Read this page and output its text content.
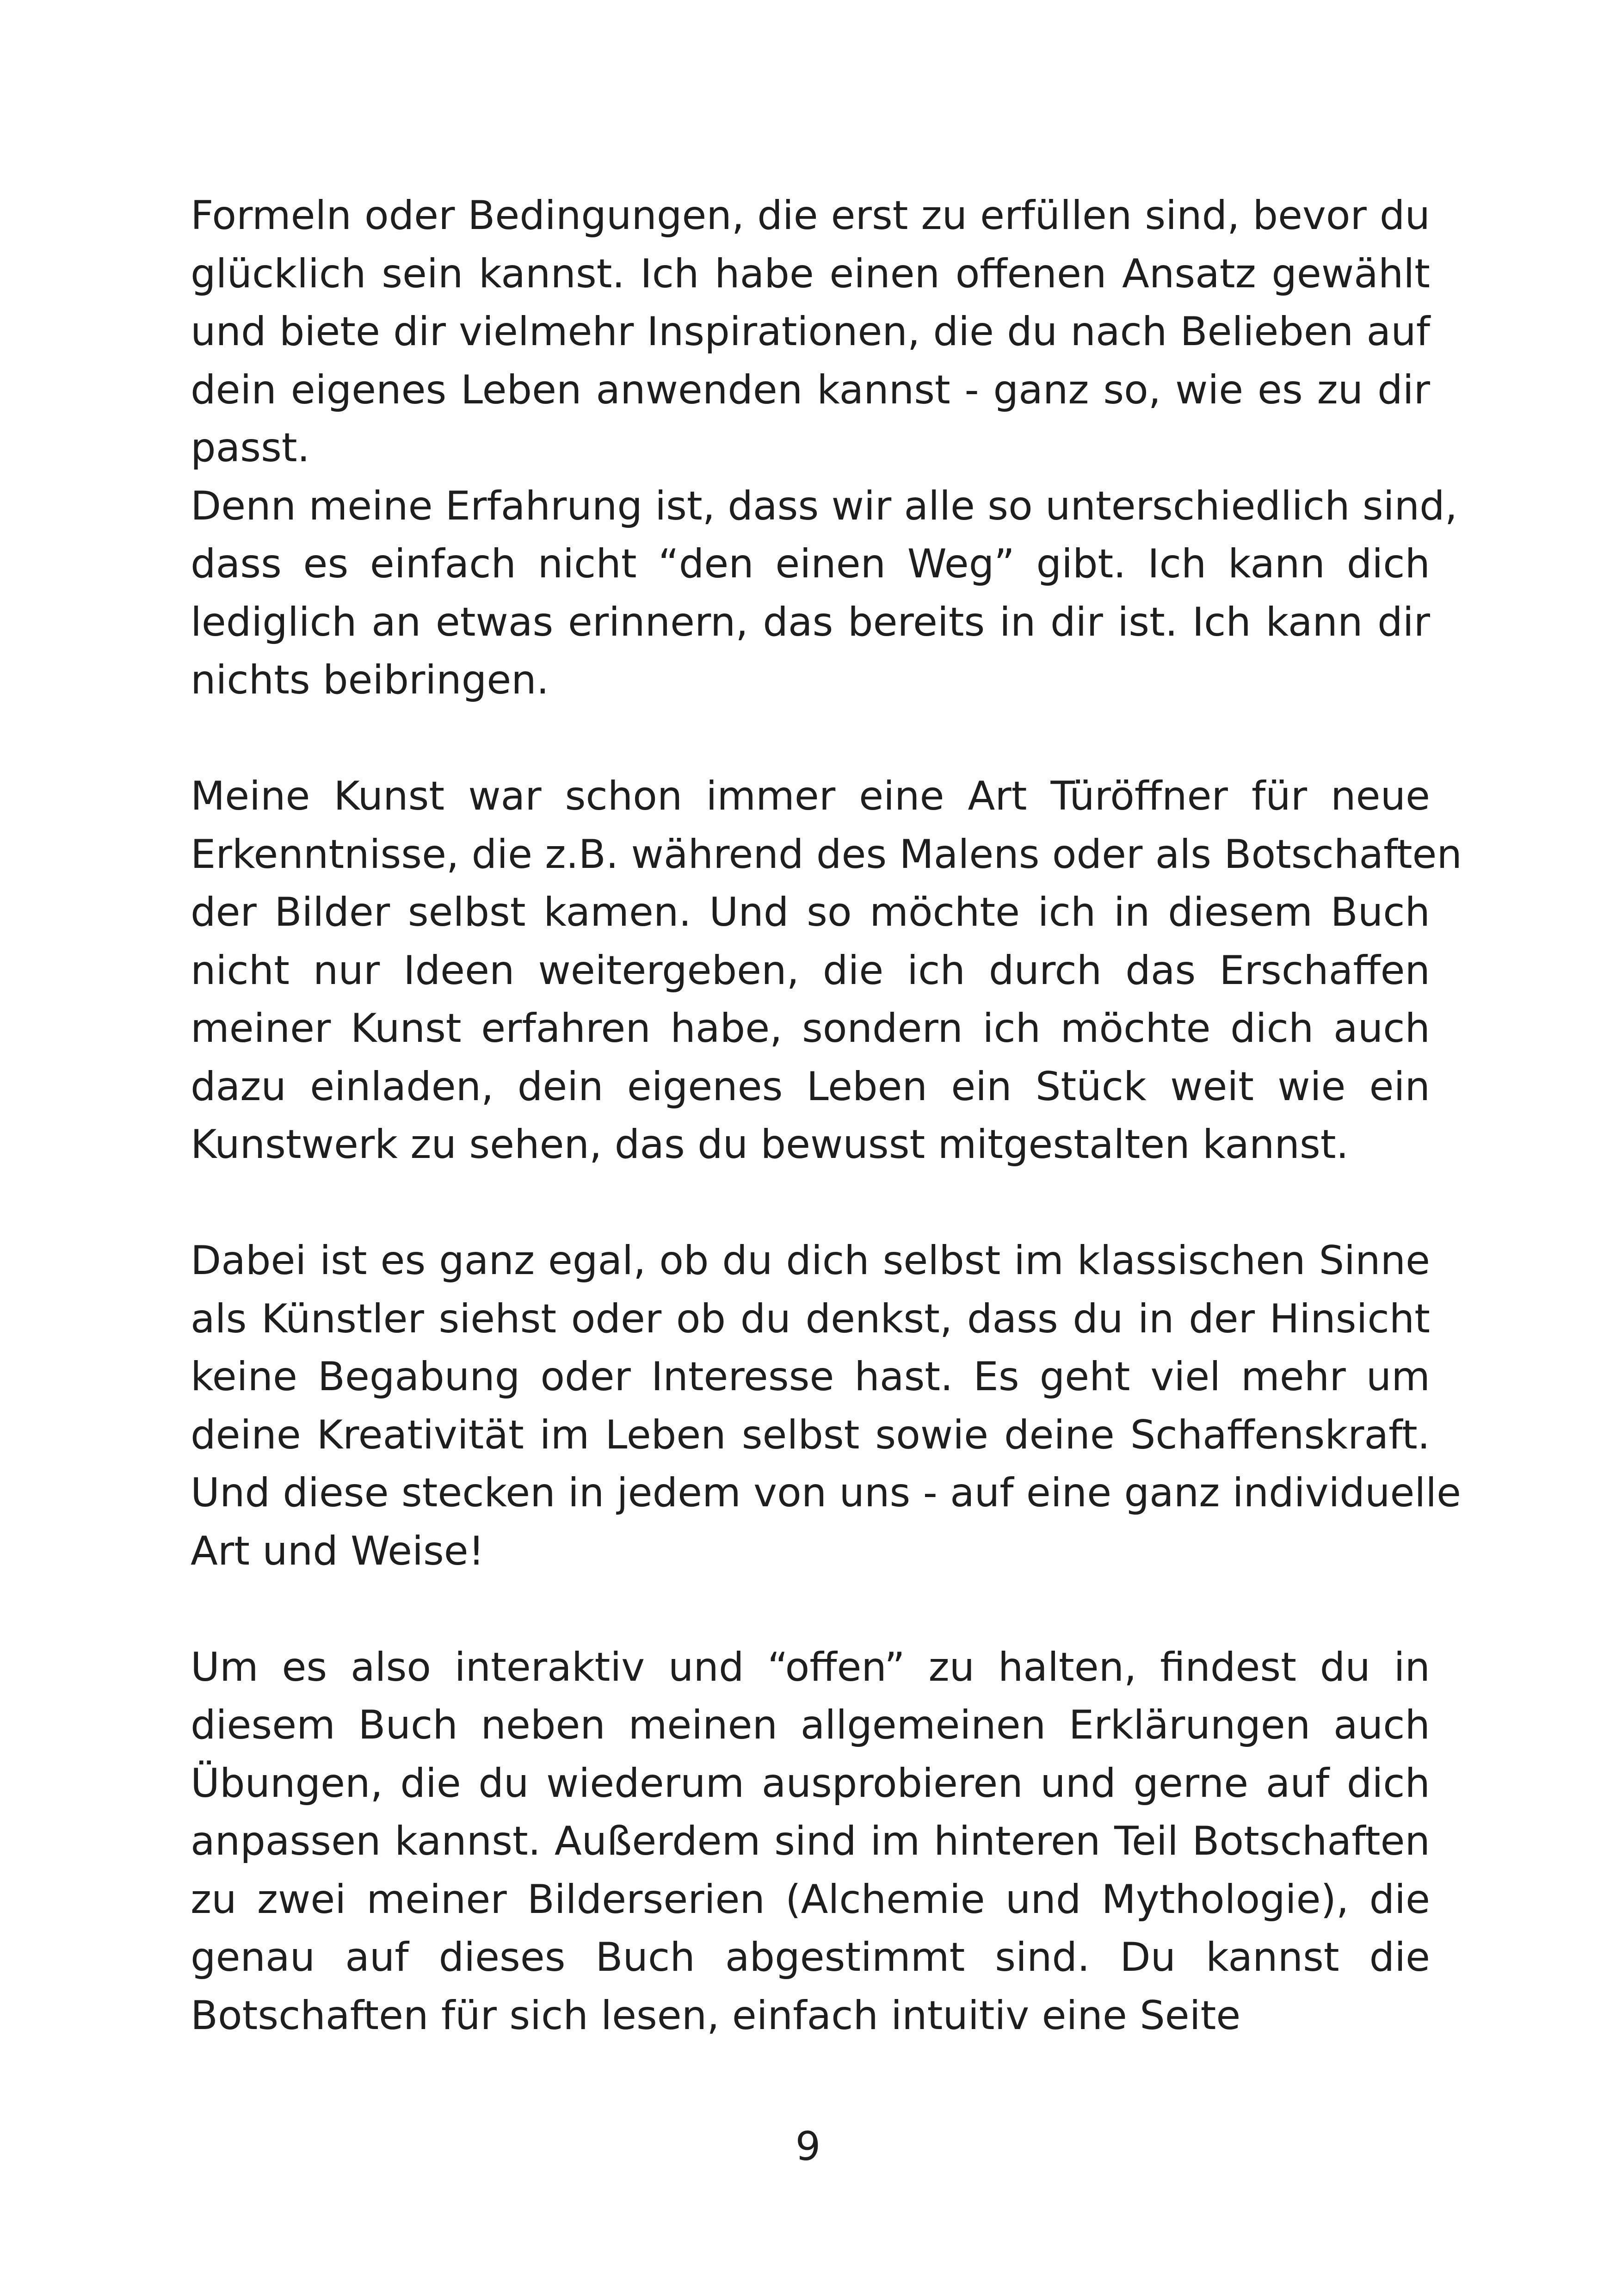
Formeln oder Bedingungen, die erst zu erfüllen sind, bevor du
glücklich sein kannst. Ich habe einen offenen Ansatz gewählt
und biete dir vielmehr Inspirationen, die du nach Belieben auf
dein eigenes Leben anwenden kannst - ganz so, wie es zu dir
passt.
Denn meine Erfahrung ist, dass wir alle so unterschiedlich sind,
dass es einfach nicht “den einen Weg” gibt. Ich kann dich
lediglich an etwas erinnern, das bereits in dir ist. Ich kann dir
nichts beibringen.
Meine Kunst war schon immer eine Art Türöffner für neue
Erkenntnisse, die z.B. während des Malens oder als Botschaften
der Bilder selbst kamen. Und so möchte ich in diesem Buch
nicht nur Ideen weitergeben, die ich durch das Erschaffen
meiner Kunst erfahren habe, sondern ich möchte dich auch
dazu einladen, dein eigenes Leben ein Stück weit wie ein
Kunstwerk zu sehen, das du bewusst mitgestalten kannst.
Dabei ist es ganz egal, ob du dich selbst im klassischen Sinne
als Künstler siehst oder ob du denkst, dass du in der Hinsicht
keine Begabung oder Interesse hast. Es geht viel mehr um
deine Kreativität im Leben selbst sowie deine Schaffenskraft.
Und diese stecken in jedem von uns - auf eine ganz individuelle
Art und Weise!
Um es also interaktiv und “offen” zu halten, findest du in
diesem Buch neben meinen allgemeinen Erklärungen auch
Übungen, die du wiederum ausprobieren und gerne auf dich
anpassen kannst. Außerdem sind im hinteren Teil Botschaften
zu zwei meiner Bilderserien (Alchemie und Mythologie), die
genau auf dieses Buch abgestimmt sind. Du kannst die
Botschaften für sich lesen, einfach intuitiv eine Seite
9
